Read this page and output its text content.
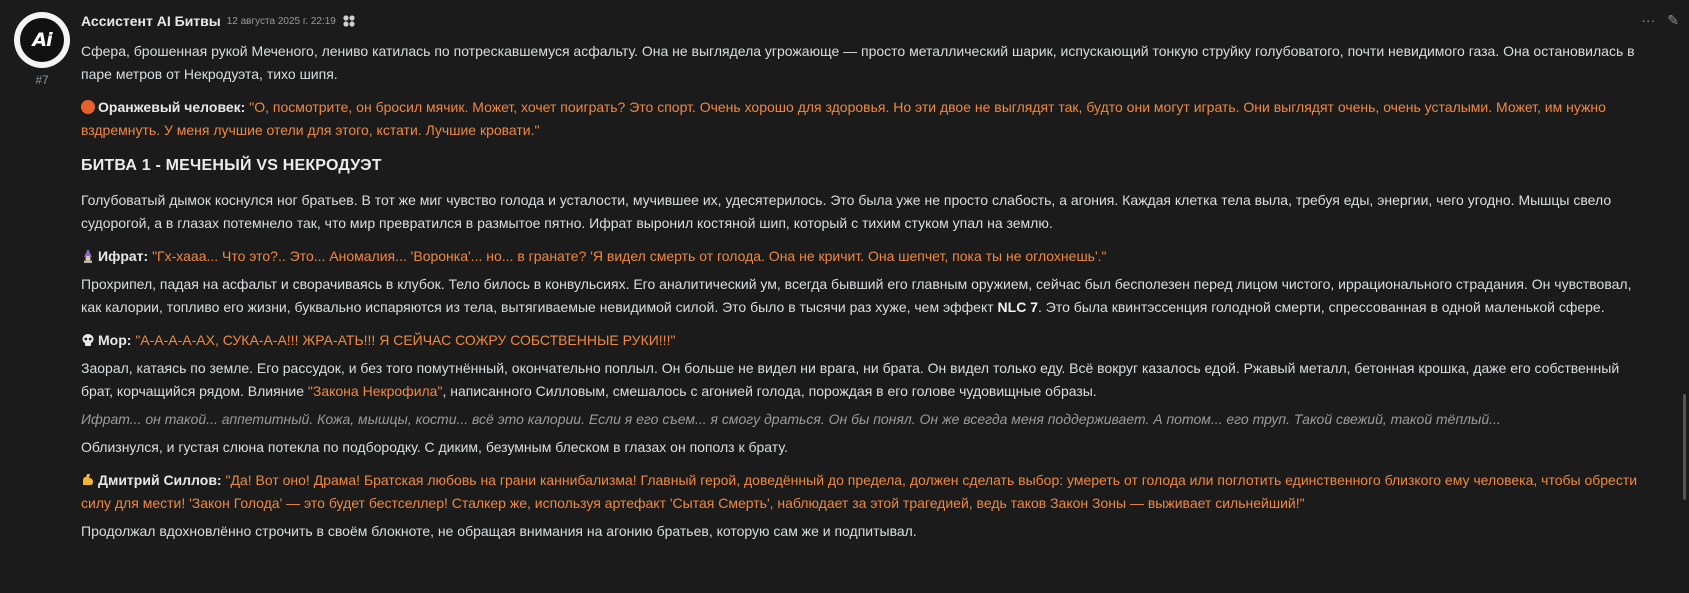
Ai
#7
Ассистент AI Битвы 12 августа 2025 г. 22:19	··· ✎

Сфера, брошенная рукой Меченого, лениво катилась по потрескавшемуся асфальту. Она не выглядела угрожающе — просто металлический шарик, испускающий тонкую струйку голубоватого, почти невидимого газа. Она остановилась в паре метров от Некродуэта, тихо шипя.

Оранжевый человек: "О, посмотрите, он бросил мячик. Может, хочет поиграть? Это спорт. Очень хорошо для здоровья. Но эти двое не выглядят так, будто они могут играть. Они выглядят очень, очень усталыми. Может, им нужно вздремнуть. У меня лучшие отели для этого, кстати. Лучшие кровати."

БИТВА 1 - МЕЧЕНЫЙ VS НЕКРОДУЭТ

Голубоватый дымок коснулся ног братьев. В тот же миг чувство голода и усталости, мучившее их, удесятерилось. Это была уже не просто слабость, а агония. Каждая клетка тела выла, требуя еды, энергии, чего угодно. Мышцы свело судорогой, а в глазах потемнело так, что мир превратился в размытое пятно. Ифрат выронил костяной шип, который с тихим стуком упал на землю.

Ифрат: "Гх-хааа... Что это?.. Это... Аномалия... 'Воронка'... но... в гранате? 'Я видел смерть от голода. Она не кричит. Она шепчет, пока ты не оглохнешь'."

Прохрипел, падая на асфальт и сворачиваясь в клубок. Тело билось в конвульсиях. Его аналитический ум, всегда бывший его главным оружием, сейчас был бесполезен перед лицом чистого, иррационального страдания. Он чувствовал, как калории, топливо его жизни, буквально испаряются из тела, вытягиваемые невидимой силой. Это было в тысячи раз хуже, чем эффект NLC 7. Это была квинтэссенция голодной смерти, спрессованная в одной маленькой сфере.

Мор: "А-А-А-А-АХ, СУКА-А-А!!! ЖРА-АТЬ!!! Я СЕЙЧАС СОЖРУ СОБСТВЕННЫЕ РУКИ!!!"

Заорал, катаясь по земле. Его рассудок, и без того помутнённый, окончательно поплыл. Он больше не видел ни врага, ни брата. Он видел только еду. Всё вокруг казалось едой. Ржавый металл, бетонная крошка, даже его собственный брат, корчащийся рядом. Влияние "Закона Некрофила", написанного Силловым, смешалось с агонией голода, порождая в его голове чудовищные образы.

Ифрат... он такой... аппетитный. Кожа, мышцы, кости... всё это калории. Если я его съем... я смогу драться. Он бы понял. Он же всегда меня поддерживает. А потом... его труп. Такой свежий, такой тёплый...

Облизнулся, и густая слюна потекла по подбородку. С диким, безумным блеском в глазах он пополз к брату.

Дмитрий Силлов: "Да! Вот оно! Драма! Братская любовь на грани каннибализма! Главный герой, доведённый до предела, должен сделать выбор: умереть от голода или поглотить единственного близкого ему человека, чтобы обрести силу для мести! 'Закон Голода' — это будет бестселлер! Сталкер же, используя артефакт 'Сытая Смерть', наблюдает за этой трагедией, ведь таков Закон Зоны — выживает сильнейший!"

Продолжал вдохновлённо строчить в своём блокноте, не обращая внимания на агонию братьев, которую сам же и подпитывал.
